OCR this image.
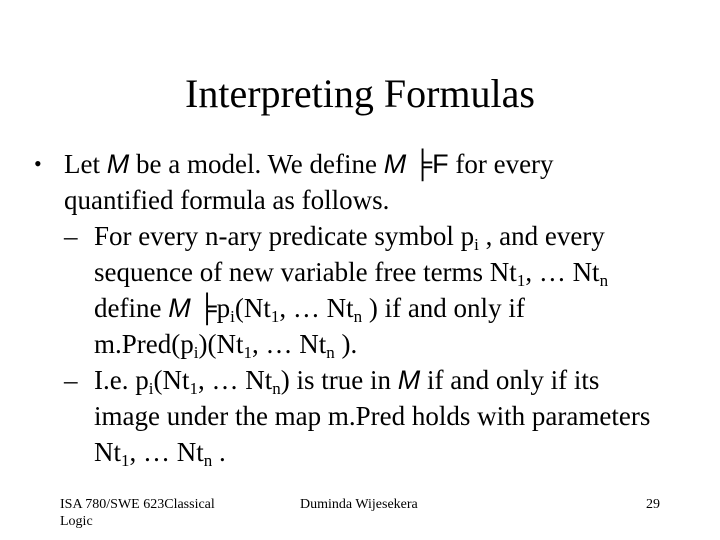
Interpreting Formulas
• Let M be a model. We define M ╞F for every
quantified formula as follows.
– For every n-ary predicate symbol $p_i$ , and every
sequence of new variable free terms $Nt_1$, … $Nt_n$
define M $╞p_i(Nt_1$, … $Nt_n$ ) if and only if
$m.Pred(p_i)(Nt_1$, … $Nt_n$ ).
– I.e. $p_i(Nt_1$, … $Nt_n$) is true in M if and only if its
image under the map m.Pred holds with parameters
$Nt_1$, … $Nt_n$ .
ISA 780/SWE 623Classical Logic
Duminda Wijesekera	29
